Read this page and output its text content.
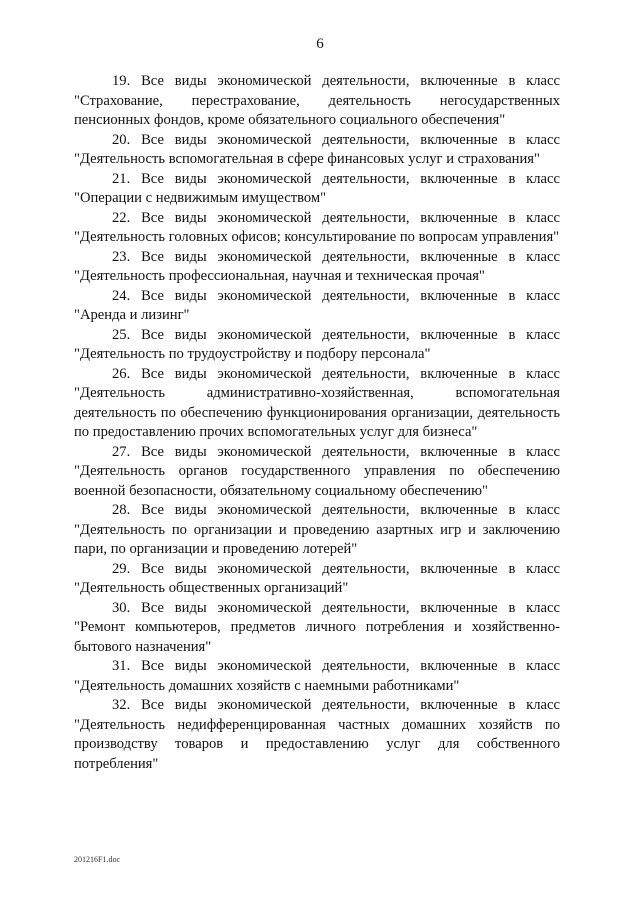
6
19. Все виды экономической деятельности, включенные в класс
"Страхование, перестрахование, деятельность негосударственных пенсионных фондов, кроме обязательного социального обеспечения"
20. Все виды экономической деятельности, включенные в класс
"Деятельность вспомогательная в сфере финансовых услуг и страхования"
21. Все виды экономической деятельности, включенные в класс
"Операции с недвижимым имуществом"
22. Все виды экономической деятельности, включенные в класс
"Деятельность головных офисов; консультирование по вопросам управления"
23. Все виды экономической деятельности, включенные в класс
"Деятельность профессиональная, научная и техническая прочая"
24. Все виды экономической деятельности, включенные в класс
"Аренда и лизинг"
25. Все виды экономической деятельности, включенные в класс
"Деятельность по трудоустройству и подбору персонала"
26. Все виды экономической деятельности, включенные в класс
"Деятельность административно-хозяйственная, вспомогательная деятельность по обеспечению функционирования организации, деятельность по предоставлению прочих вспомогательных услуг для бизнеса"
27. Все виды экономической деятельности, включенные в класс
"Деятельность органов государственного управления по обеспечению военной безопасности, обязательному социальному обеспечению"
28. Все виды экономической деятельности, включенные в класс
"Деятельность по организации и проведению азартных игр и заключению пари, по организации и проведению лотерей"
29. Все виды экономической деятельности, включенные в класс
"Деятельность общественных организаций"
30. Все виды экономической деятельности, включенные в класс
"Ремонт компьютеров, предметов личного потребления и хозяйственно-бытового назначения"
31. Все виды экономической деятельности, включенные в класс
"Деятельность домашних хозяйств с наемными работниками"
32. Все виды экономической деятельности, включенные в класс
"Деятельность недифференцированная частных домашних хозяйств по производству товаров и предоставлению услуг для собственного потребления"
201216F1.doc
